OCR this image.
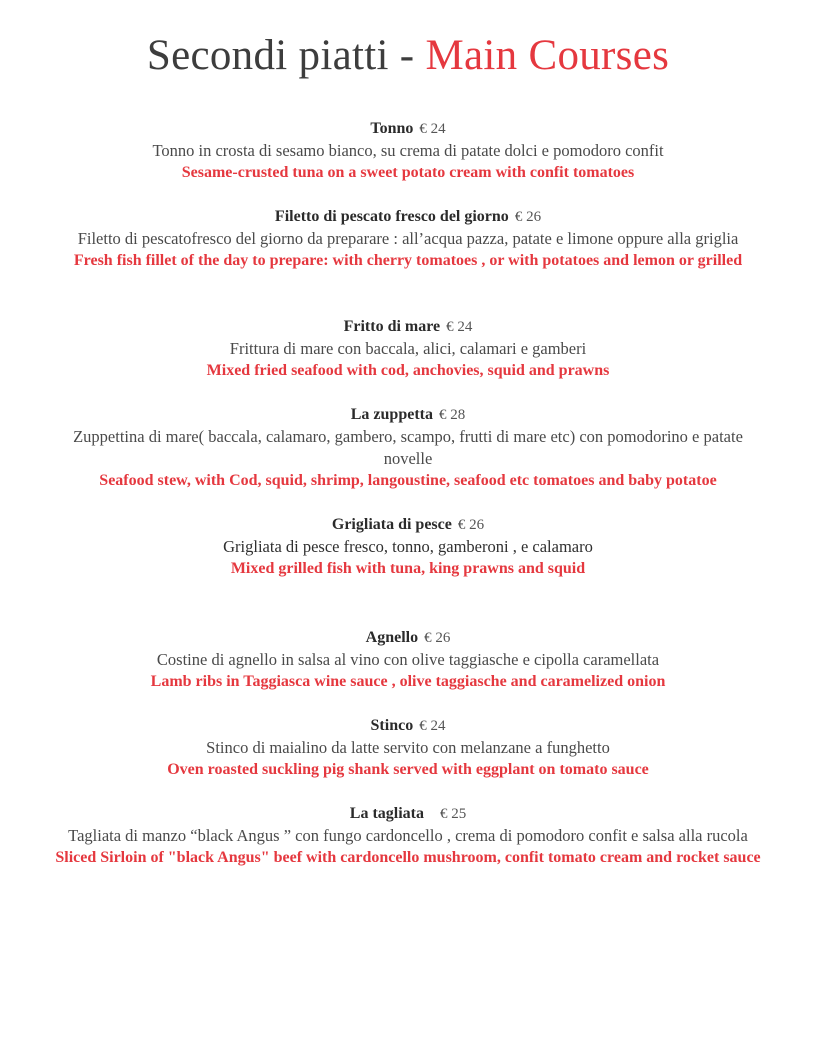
Secondi piatti - Main Courses
Tonno € 24
Tonno in crosta di sesamo bianco, su crema di patate dolci e pomodoro confit
Sesame-crusted tuna on a sweet potato cream with confit tomatoes
Filetto di pescato fresco del giorno € 26
Filetto di pescatofresco del giorno da preparare : all’acqua pazza, patate e limone oppure alla griglia
Fresh fish fillet of the day to prepare: with cherry tomatoes , or with potatoes and lemon or grilled
Fritto di mare € 24
Frittura di mare con baccala, alici, calamari e gamberi
Mixed fried seafood with cod, anchovies, squid and prawns
La zuppetta € 28
Zuppettina di mare( baccala, calamaro, gambero, scampo, frutti di mare etc) con pomodorino e patate novelle
Seafood stew, with Cod, squid, shrimp, langoustine, seafood etc tomatoes and baby potatoe
Grigliata di pesce € 26
Grigliata di pesce fresco, tonno, gamberoni , e calamaro
Mixed grilled fish with tuna, king prawns and squid
Agnello € 26
Costine di agnello in salsa al vino con olive taggiasche e cipolla caramellata
Lamb ribs in Taggiasca wine sauce , olive taggiasche and caramelized onion
Stinco € 24
Stinco di maialino da latte servito con melanzane a funghetto
Oven roasted suckling pig shank served with eggplant on tomato sauce
La tagliata € 25
Tagliata di manzo “black Angus ” con fungo cardoncello , crema di pomodoro confit e salsa alla rucola
Sliced Sirloin of "black Angus" beef with cardoncello mushroom, confit tomato cream and rocket sauce
